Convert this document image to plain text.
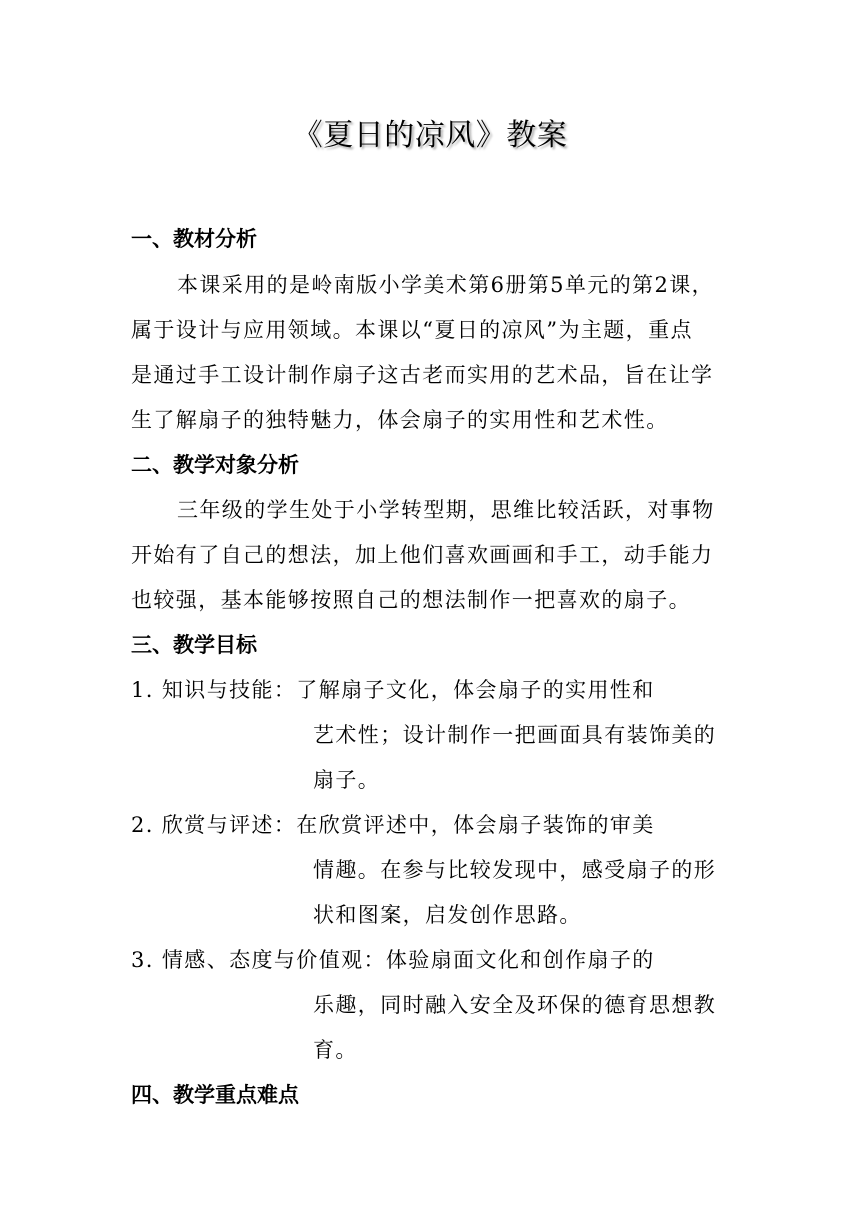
《夏日的凉风》教案
一、教材分析
本课采用的是岭南版小学美术第6册第5单元的第2课，
属于设计与应用领域。本课以“夏日的凉风”为主题，重点
是通过手工设计制作扇子这古老而实用的艺术品，旨在让学
生了解扇子的独特魅力，体会扇子的实用性和艺术性。
二、教学对象分析
三年级的学生处于小学转型期，思维比较活跃，对事物
开始有了自己的想法，加上他们喜欢画画和手工，动手能力
也较强，基本能够按照自己的想法制作一把喜欢的扇子。
三、教学目标
1. 知识与技能：了解扇子文化，体会扇子的实用性和
艺术性；设计制作一把画面具有装饰美的
扇子。
2. 欣赏与评述：在欣赏评述中，体会扇子装饰的审美
情趣。在参与比较发现中，感受扇子的形
状和图案，启发创作思路。
3. 情感、态度与价值观：体验扇面文化和创作扇子的
乐趣，同时融入安全及环保的德育思想教
育。
四、教学重点难点
